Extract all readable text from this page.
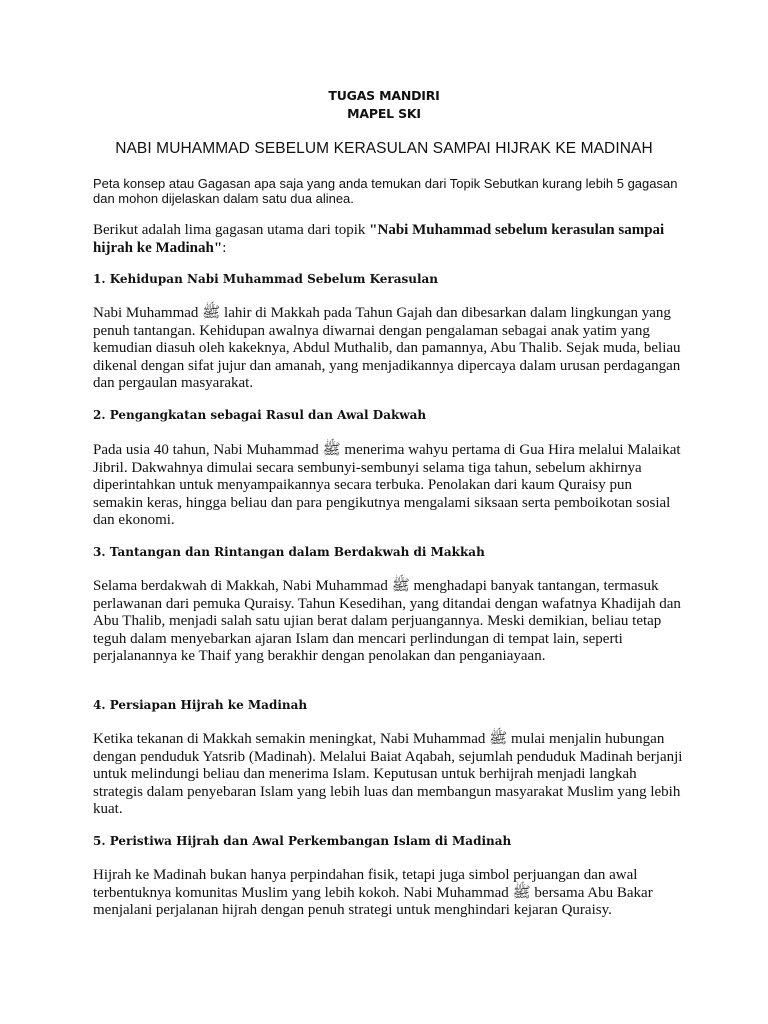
TUGAS MANDIRI
MAPEL SKI
NABI MUHAMMAD SEBELUM KERASULAN SAMPAI HIJRAK KE MADINAH
Peta konsep atau Gagasan apa saja yang anda temukan dari Topik Sebutkan kurang lebih 5 gagasan dan mohon dijelaskan dalam satu dua alinea.
Berikut adalah lima gagasan utama dari topik "Nabi Muhammad sebelum kerasulan sampai hijrah ke Madinah":
1. Kehidupan Nabi Muhammad Sebelum Kerasulan
Nabi Muhammad ﷺ lahir di Makkah pada Tahun Gajah dan dibesarkan dalam lingkungan yang penuh tantangan. Kehidupan awalnya diwarnai dengan pengalaman sebagai anak yatim yang kemudian diasuh oleh kakeknya, Abdul Muthalib, dan pamannya, Abu Thalib. Sejak muda, beliau dikenal dengan sifat jujur dan amanah, yang menjadikannya dipercaya dalam urusan perdagangan dan pergaulan masyarakat.
2. Pengangkatan sebagai Rasul dan Awal Dakwah
Pada usia 40 tahun, Nabi Muhammad ﷺ menerima wahyu pertama di Gua Hira melalui Malaikat Jibril. Dakwahnya dimulai secara sembunyi-sembunyi selama tiga tahun, sebelum akhirnya diperintahkan untuk menyampaikannya secara terbuka. Penolakan dari kaum Quraisy pun semakin keras, hingga beliau dan para pengikutnya mengalami siksaan serta pemboikotan sosial dan ekonomi.
3. Tantangan dan Rintangan dalam Berdakwah di Makkah
Selama berdakwah di Makkah, Nabi Muhammad ﷺ menghadapi banyak tantangan, termasuk perlawanan dari pemuka Quraisy. Tahun Kesedihan, yang ditandai dengan wafatnya Khadijah dan Abu Thalib, menjadi salah satu ujian berat dalam perjuangannya. Meski demikian, beliau tetap teguh dalam menyebarkan ajaran Islam dan mencari perlindungan di tempat lain, seperti perjalanannya ke Thaif yang berakhir dengan penolakan dan penganiayaan.
4. Persiapan Hijrah ke Madinah
Ketika tekanan di Makkah semakin meningkat, Nabi Muhammad ﷺ mulai menjalin hubungan dengan penduduk Yatsrib (Madinah). Melalui Baiat Aqabah, sejumlah penduduk Madinah berjanji untuk melindungi beliau dan menerima Islam. Keputusan untuk berhijrah menjadi langkah strategis dalam penyebaran Islam yang lebih luas dan membangun masyarakat Muslim yang lebih kuat.
5. Peristiwa Hijrah dan Awal Perkembangan Islam di Madinah
Hijrah ke Madinah bukan hanya perpindahan fisik, tetapi juga simbol perjuangan dan awal terbentuknya komunitas Muslim yang lebih kokoh. Nabi Muhammad ﷺ bersama Abu Bakar menjalani perjalanan hijrah dengan penuh strategi untuk menghindari kejaran Quraisy.
